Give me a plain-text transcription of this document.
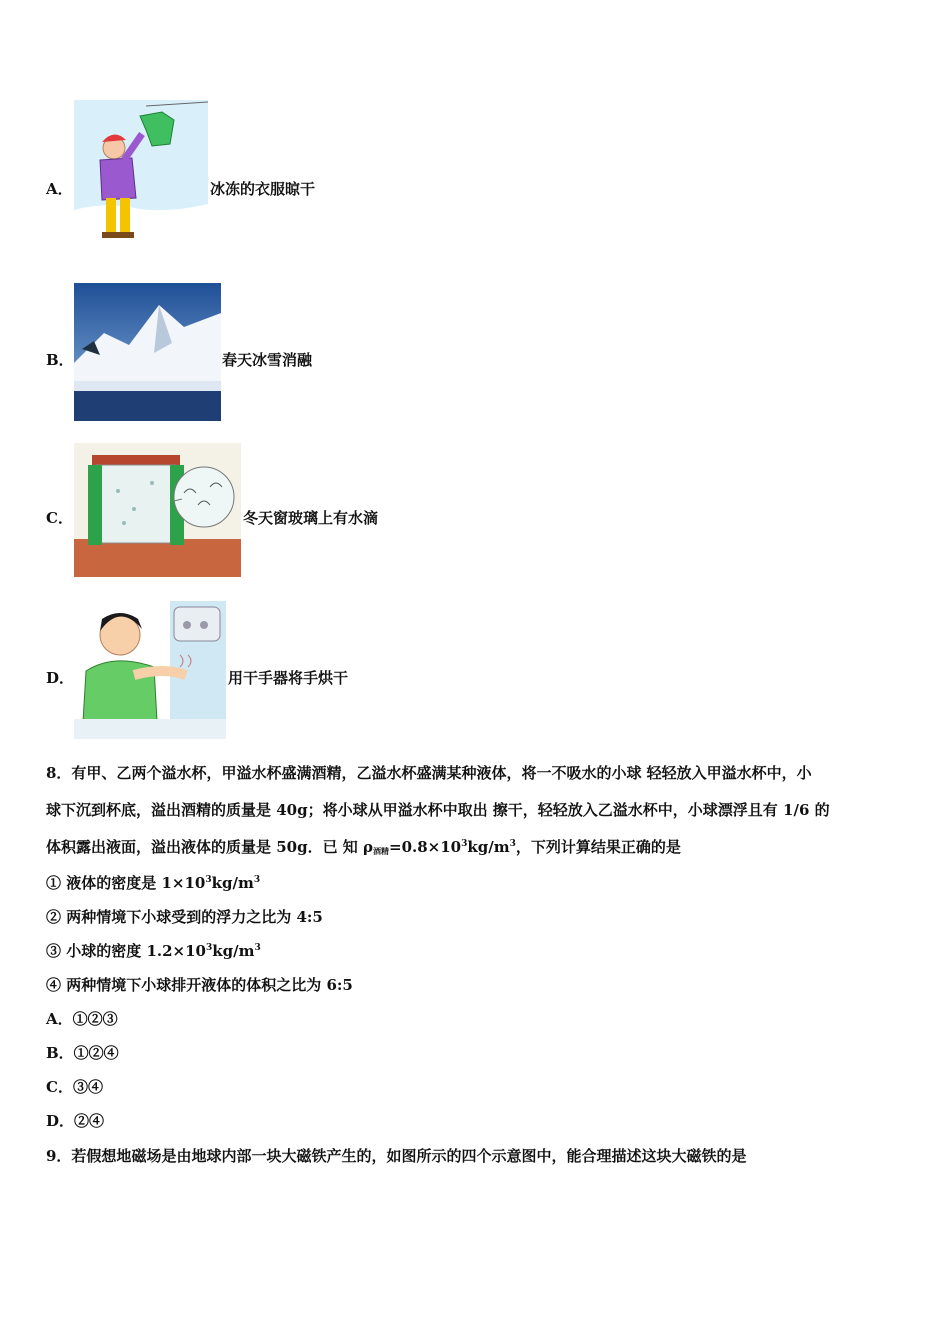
A．	冰冻的衣服晾干
B．	春天冰雪消融
C．	冬天窗玻璃上有水滴
D．	用干手器将手烘干
8．有甲、乙两个溢水杯，甲溢水杯盛满酒精，乙溢水杯盛满某种液体，将一不吸水的小球 轻轻放入甲溢水杯中，小
球下沉到杯底，溢出酒精的质量是 40g；将小球从甲溢水杯中取出 擦干，轻轻放入乙溢水杯中，小球漂浮且有 1/6 的
体积露出液面，溢出液体的质量是 50g．已 知 ρ酒精$=0.8\times 10^3kg/m^3$，下列计算结果正确的是
① 液体的密度是 $1\times 10^3kg/m^3$
② 两种情境下小球受到的浮力之比为 4:5
③ 小球的密度 $1.2\times 10^3kg/m^3$
④ 两种情境下小球排开液体的体积之比为 6:5
A．①②③
B．①②④
C．③④
D．②④
9．若假想地磁场是由地球内部一块大磁铁产生的，如图所示的四个示意图中，能合理描述这块大磁铁的是
